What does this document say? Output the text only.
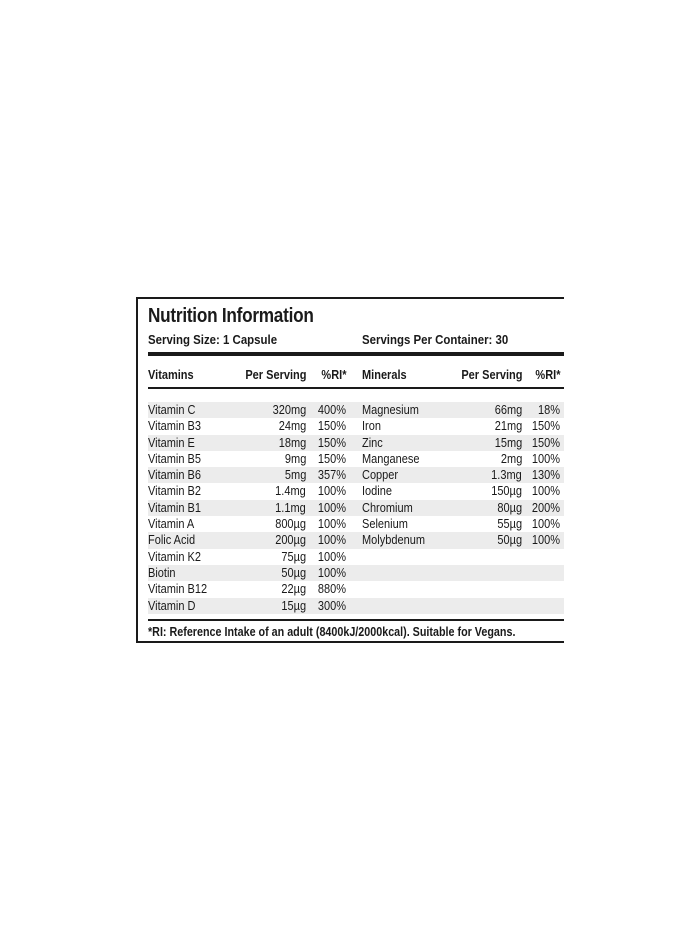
Nutrition Information
Serving Size: 1 Capsule	Servings Per Container: 30
Vitamins	Per Serving %RI* Minerals	Per Serving %RI*
Vitamin C	320mg 400% Magnesium	66mg 18%
Vitamin B3	24mg 150% Iron	21mg 150%
Vitamin E	18mg 150% Zinc	15mg 150%
Vitamin B5	9mg 150% Manganese	2mg 100%
Vitamin B6	5mg 357% Copper	1.3mg 130%
Vitamin B2	1.4mg 100% Iodine	150µg 100%
Vitamin B1	1.1mg 100% Chromium	80µg 200%
Vitamin A	800µg 100% Selenium	55µg 100%
Folic Acid	200µg 100% Molybdenum	50µg 100%
Vitamin K2	75µg 100%
Biotin	50µg 100%
Vitamin B12	22µg 880%
Vitamin D	15µg 300%
*RI: Reference Intake of an adult (8400kJ/2000kcal). Suitable for Vegans.
